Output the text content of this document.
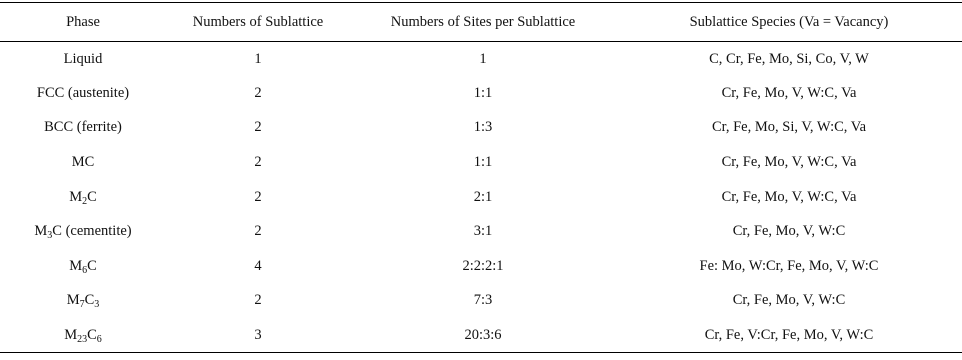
Phase	Numbers of Sublattice	Numbers of Sites per Sublattice	Sublattice Species (Va = Vacancy)
Liquid	1	1	C, Cr, Fe, Mo, Si, Co, V, W
FCC (austenite)	2	1:1	Cr, Fe, Mo, V, W:C, Va
BCC (ferrite)	2	1:3	Cr, Fe, Mo, Si, V, W:C, Va
MC	2	1:1	Cr, Fe, Mo, V, W:C, Va
$M_2C$	2	2:1	Cr, Fe, Mo, V, W:C, Va
$M_3C$ (cementite)	2	3:1	Cr, Fe, Mo, V, W:C
$M_6C$	4	2:2:2:1	Fe: Mo, W:Cr, Fe, Mo, V, W:C
$M_7C_3$	2	7:3	Cr, Fe, Mo, V, W:C
$M_{23}C_6$	3	20:3:6	Cr, Fe, V:Cr, Fe, Mo, V, W:C
